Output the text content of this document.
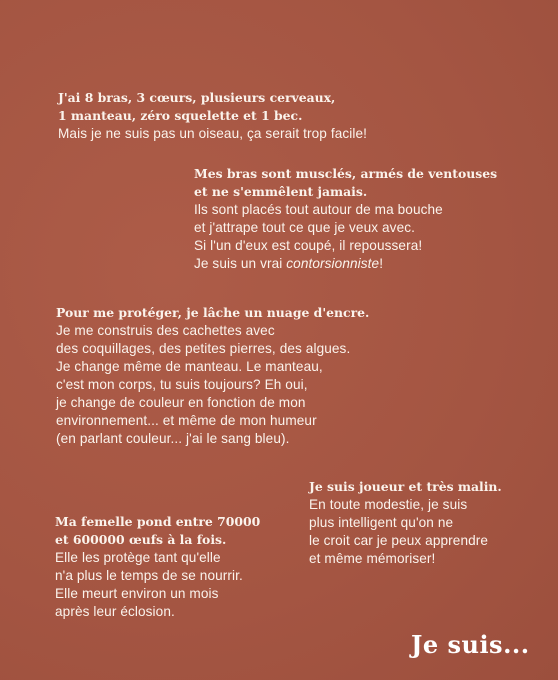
J'ai 8 bras, 3 cœurs, plusieurs cerveaux,
1 manteau, zéro squelette et 1 bec.
Mais je ne suis pas un oiseau, ça serait trop facile!
Mes bras sont musclés, armés de ventouses
et ne s'emmêlent jamais.
Ils sont placés tout autour de ma bouche
et j'attrape tout ce que je veux avec.
Si l'un d'eux est coupé, il repoussera!
Je suis un vrai contorsionniste!
Pour me protéger, je lâche un nuage d'encre.
Je me construis des cachettes avec
des coquillages, des petites pierres, des algues.
Je change même de manteau. Le manteau,
c'est mon corps, tu suis toujours? Eh oui,
je change de couleur en fonction de mon
environnement... et même de mon humeur
(en parlant couleur... j'ai le sang bleu).
Je suis joueur et très malin.
En toute modestie, je suis
plus intelligent qu'on ne
le croit car je peux apprendre
et même mémoriser!
Ma femelle pond entre 70000
et 600000 œufs à la fois.
Elle les protège tant qu'elle
n'a plus le temps de se nourrir.
Elle meurt environ un mois
après leur éclosion.
Je suis...
